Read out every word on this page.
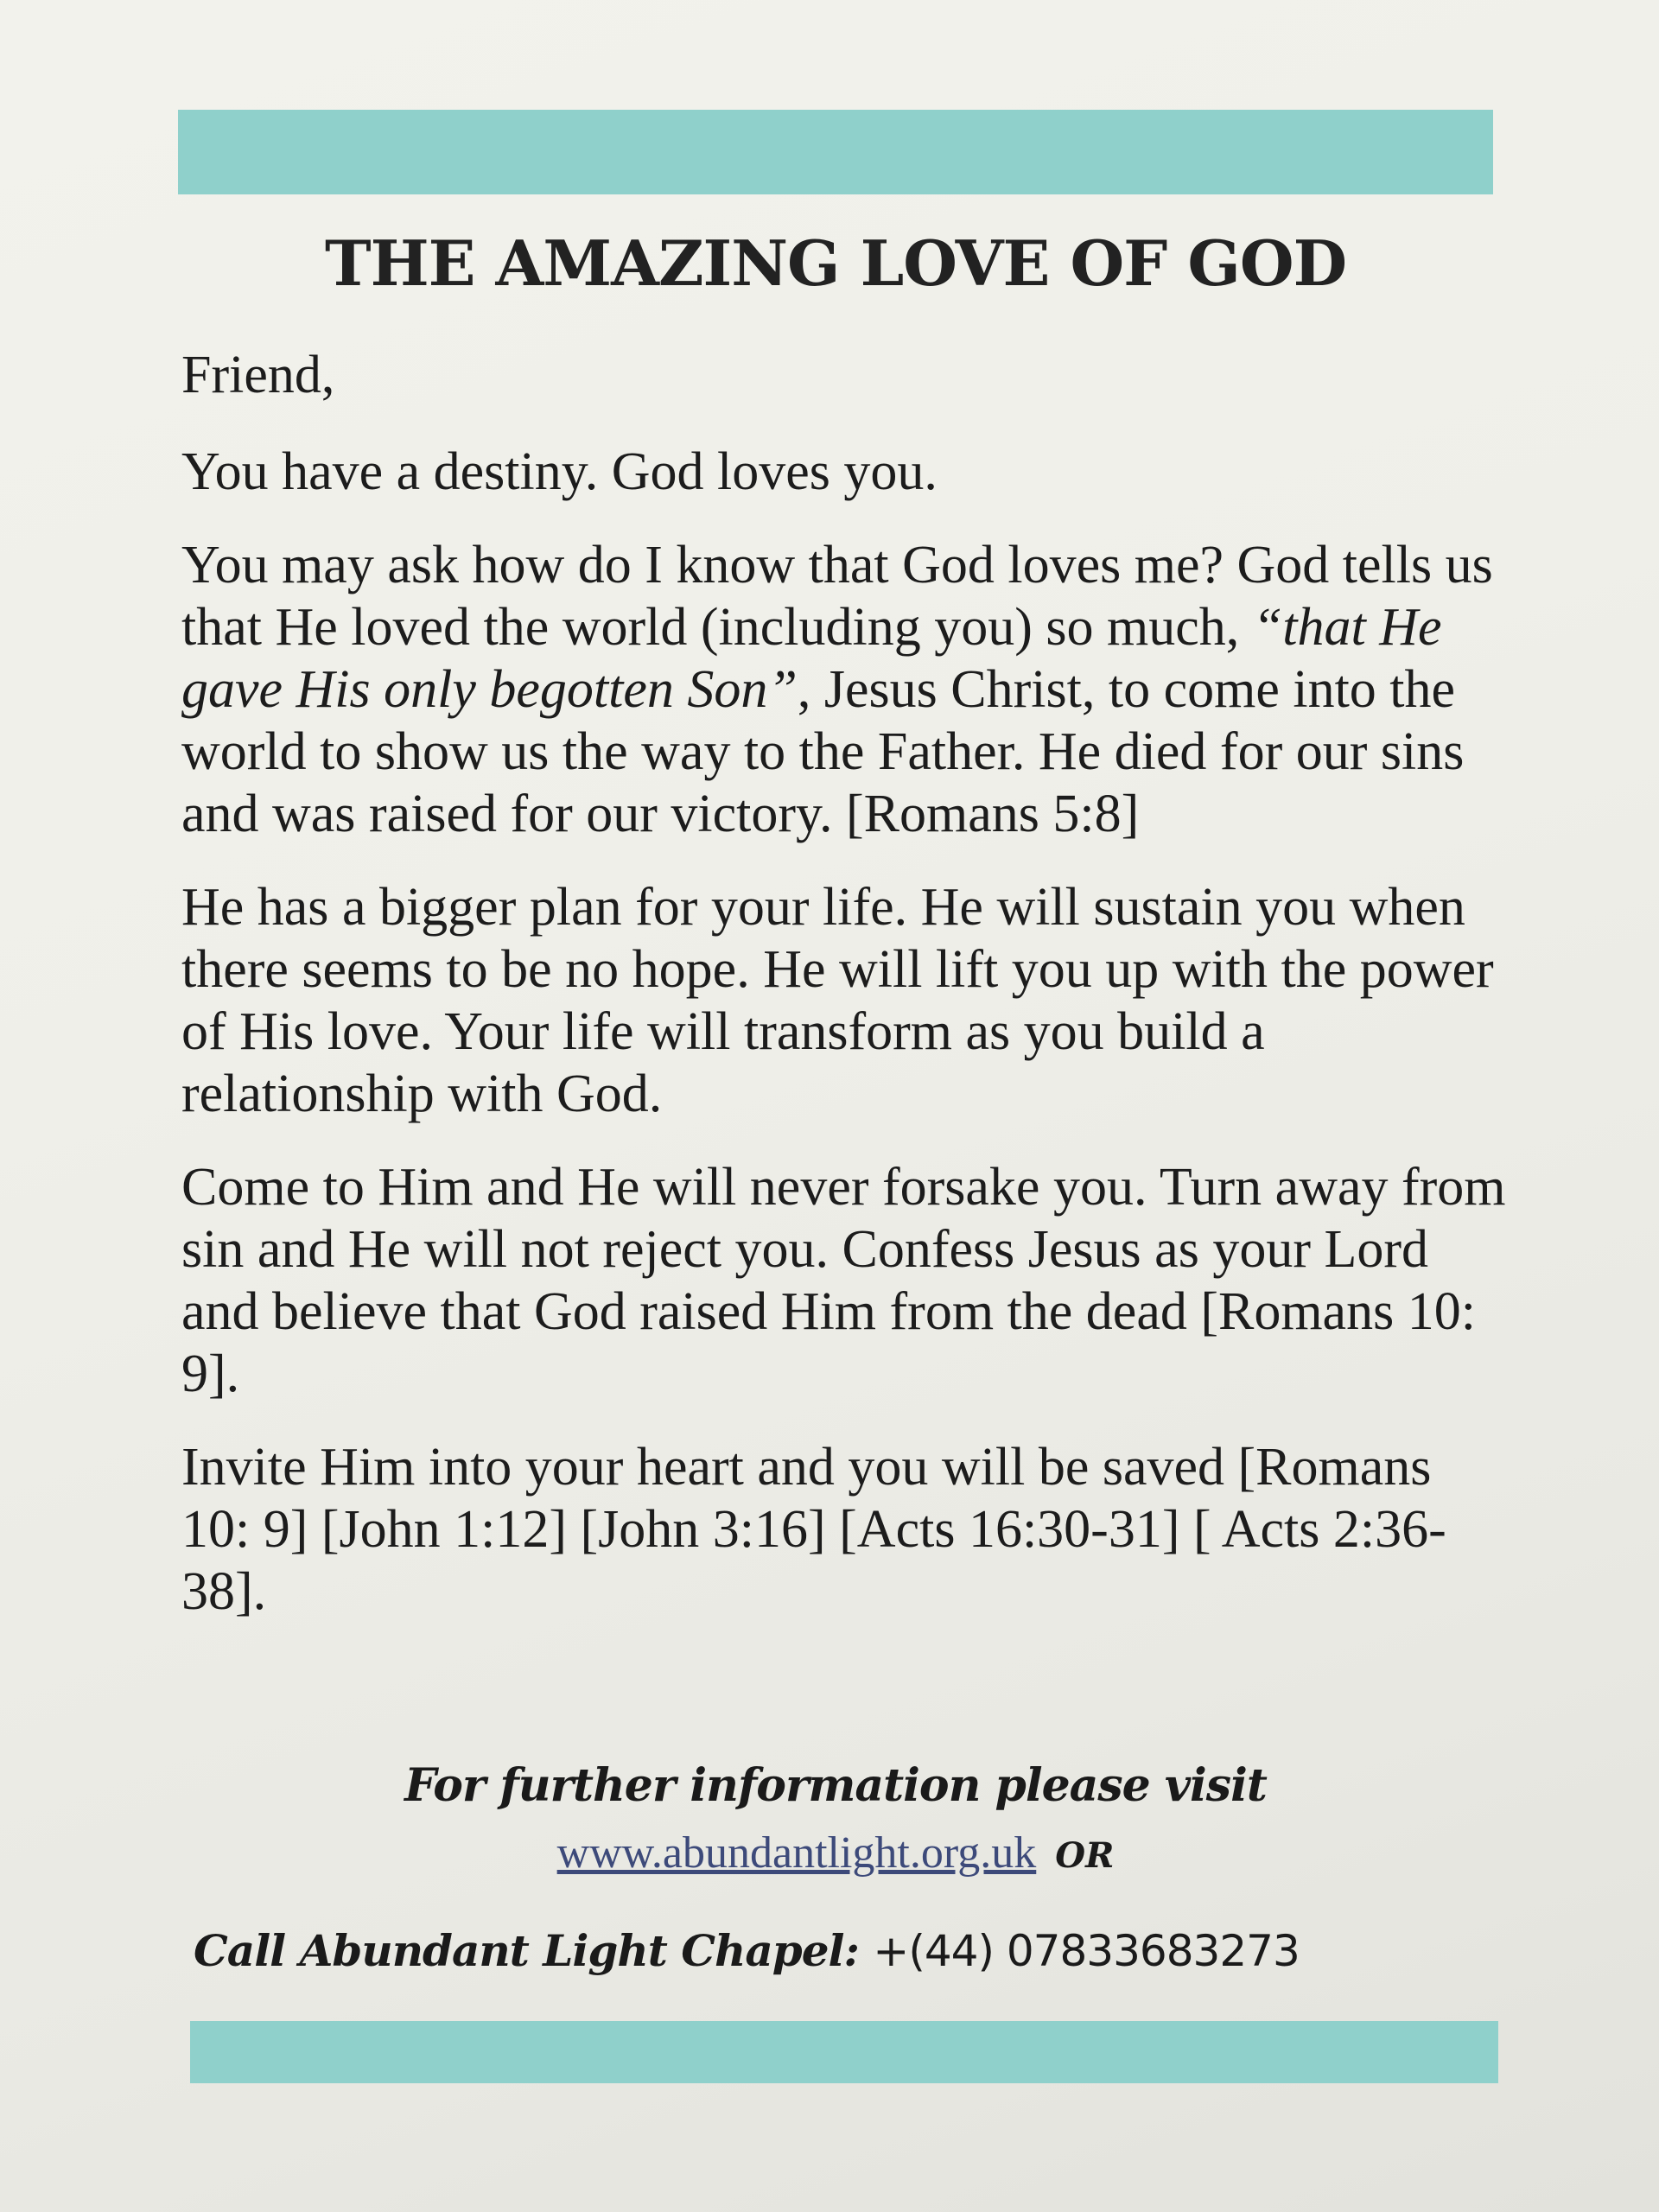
THE AMAZING LOVE OF GOD

Friend,

You have a destiny. God loves you.

You may ask how do I know that God loves me? God tells us that He loved the world (including you) so much, “that He gave His only begotten Son”, Jesus Christ, to come into the world to show us the way to the Father. He died for our sins and was raised for our victory. [Romans 5:8]

He has a bigger plan for your life. He will sustain you when there seems to be no hope. He will lift you up with the power of His love. Your life will transform as you build a relationship with God.

Come to Him and He will never forsake you. Turn away from sin and He will not reject you. Confess Jesus as your Lord and believe that God raised Him from the dead [Romans 10: 9].

Invite Him into your heart and you will be saved [Romans 10: 9] [John 1:12] [John 3:16] [Acts 16:30-31] [ Acts 2:36-38].

For further information please visit

www.abundantlight.org.uk OR

Call Abundant Light Chapel: +(44) 07833683273
